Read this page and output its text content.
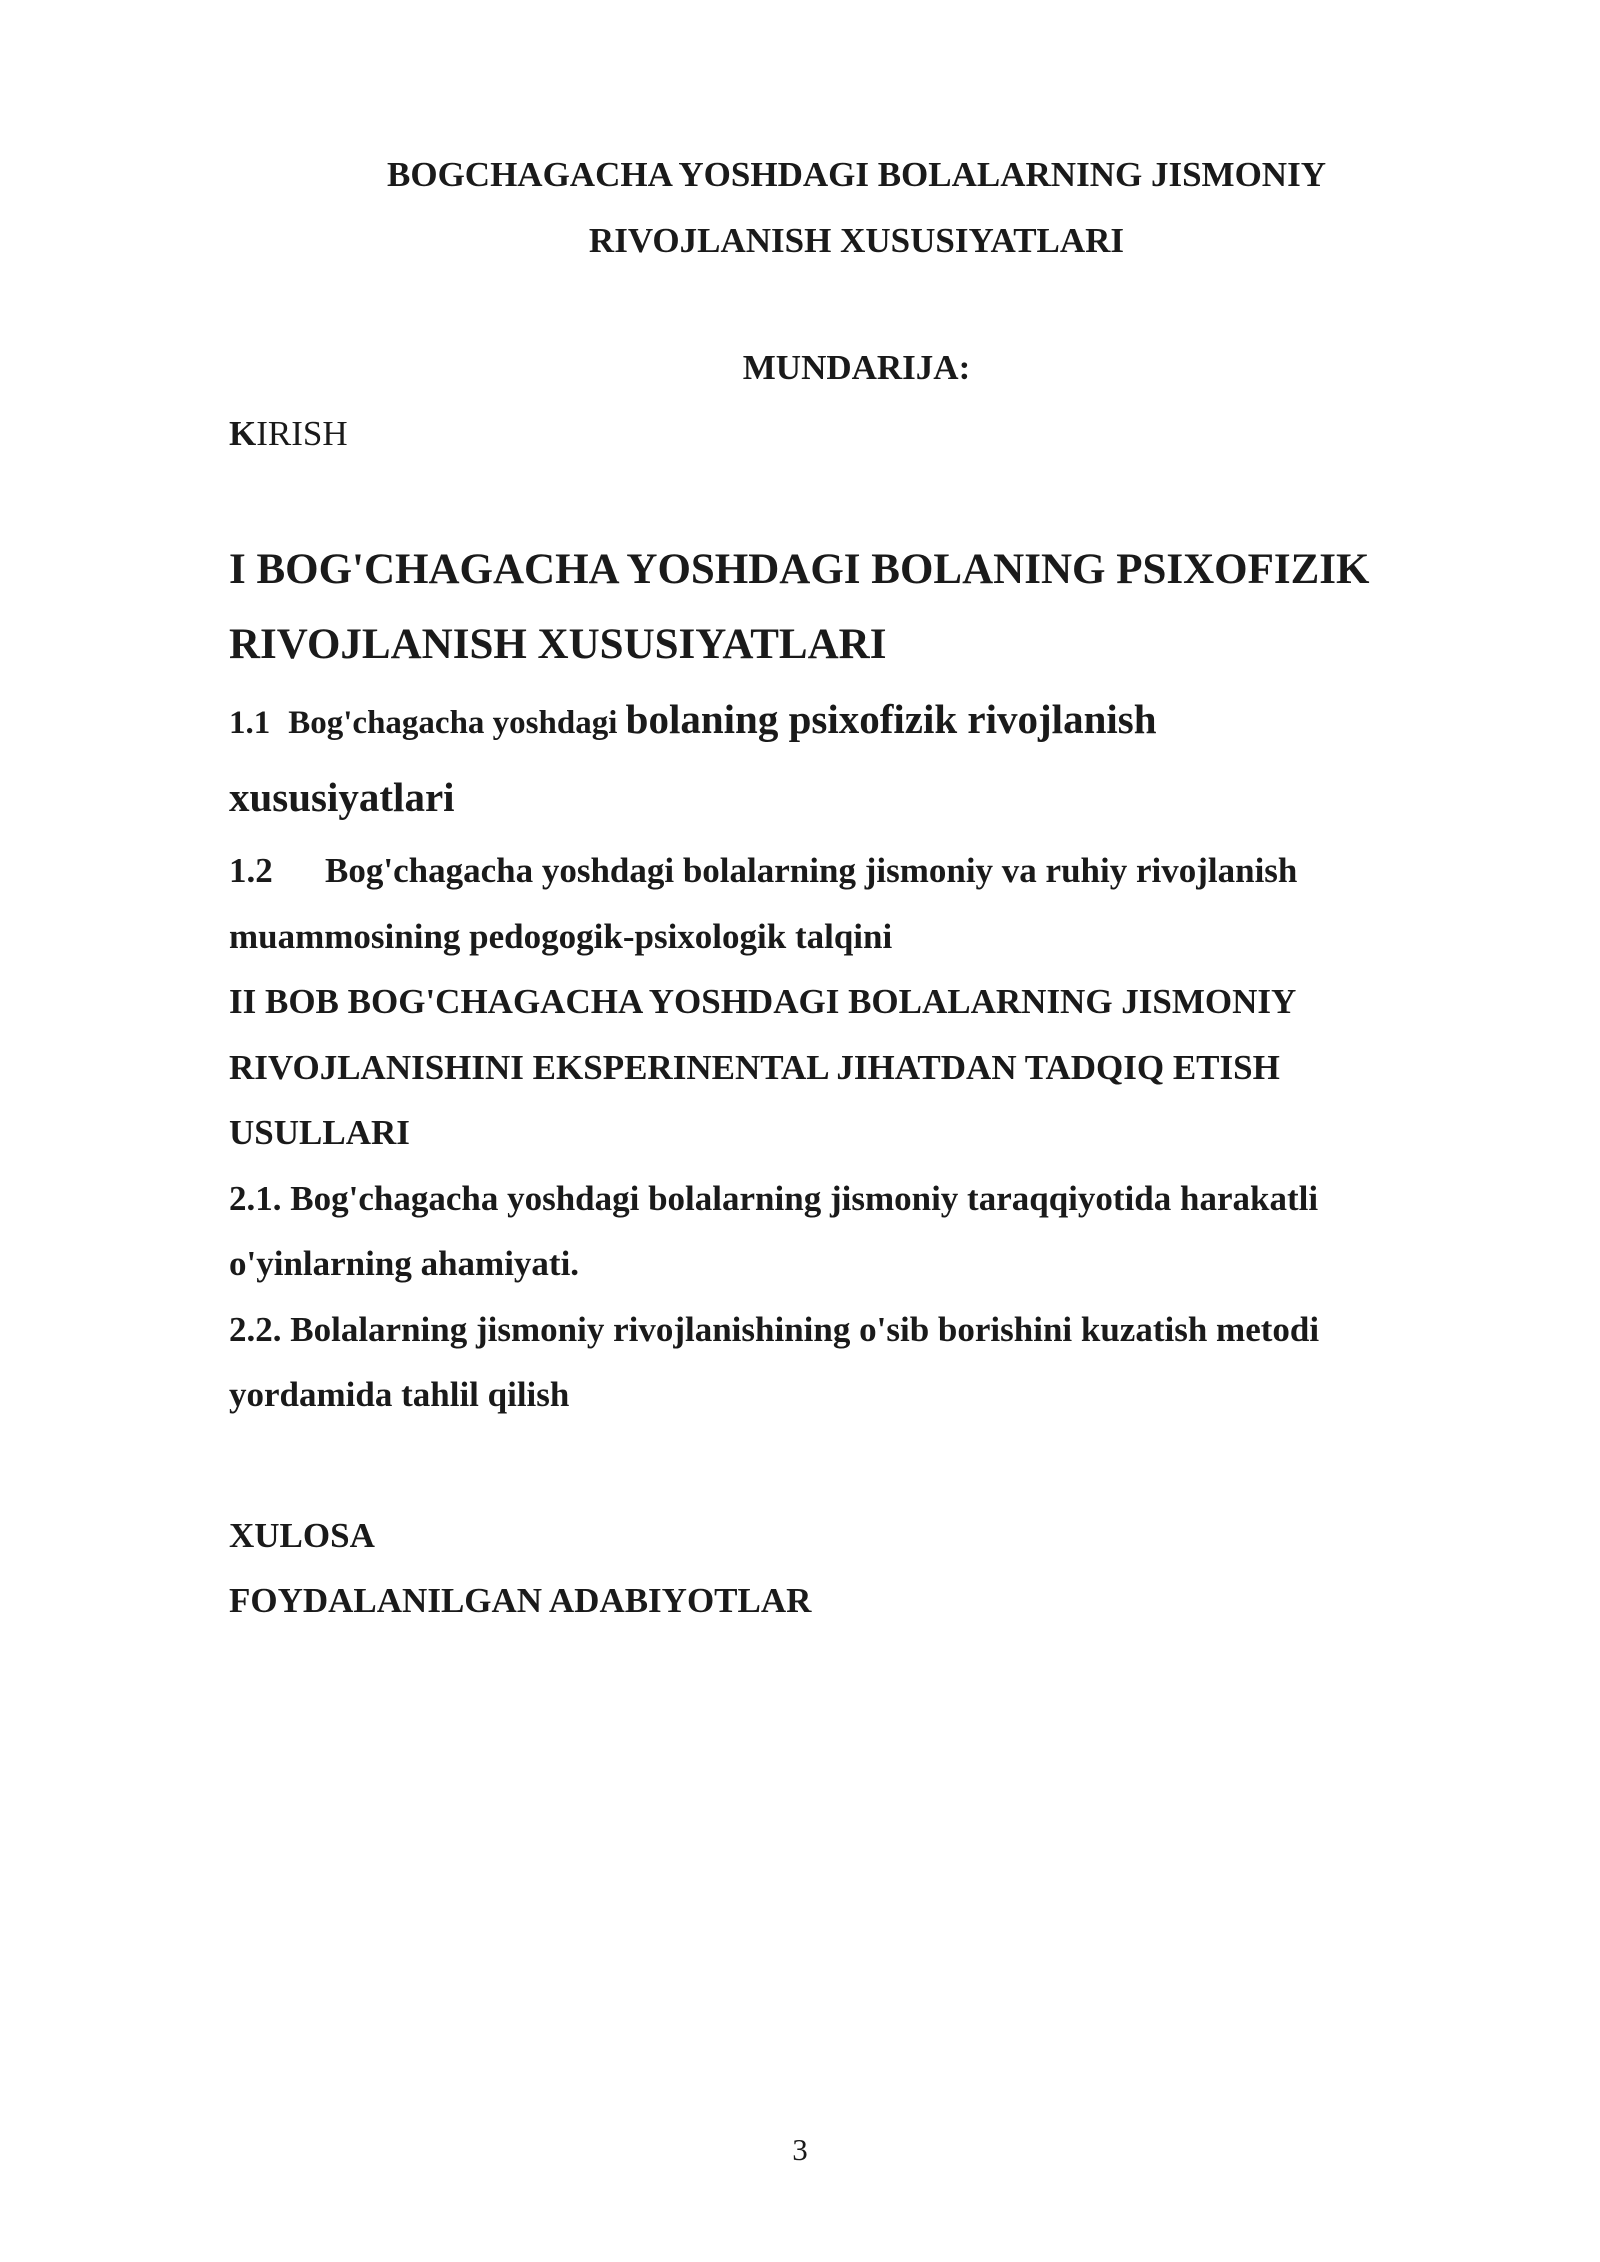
BOGCHAGACHA YOSHDAGI BOLALARNING JISMONIY
RIVOJLANISH XUSUSIYATLARI

MUNDARIJA:

KIRISH

I BOG'CHAGACHA YOSHDAGI BOLANING PSIXOFIZIK
RIVOJLANISH XUSUSIYATLARI
1.1 Bog'chagacha yoshdagi bolaning psixofizik rivojlanish
xususiyatlari
1.2 Bog'chagacha yoshdagi bolalarning jismoniy va ruhiy rivojlanish
muammosining pedogogik-psixologik talqini
II BOB BOG'CHAGACHA YOSHDAGI BOLALARNING JISMONIY
RIVOJLANISHINI EKSPERINENTAL JIHATDAN TADQIQ ETISH
USULLARI
2.1. Bog'chagacha yoshdagi bolalarning jismoniy taraqqiyotida harakatli
o'yinlarning ahamiyati.
2.2. Bolalarning jismoniy rivojlanishining o'sib borishini kuzatish metodi
yordamida tahlil qilish
XULOSA
FOYDALANILGAN ADABIYOTLAR

3
